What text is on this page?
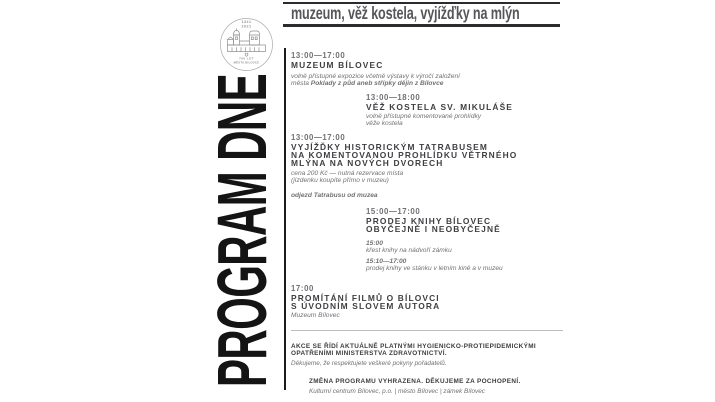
muzeum, věž kostela, vyjížďky na mlýn
1321
2021
700 LET
MĚSTA BÍLOVCE
PROGRAM DNE
13:00—17:00
MUZEUM BÍLOVEC
volně přístupné expozice včetně výstavy k výročí založení
města Poklady z půd aneb střípky dějin z Bílovce
13:00—18:00
VĚŽ KOSTELA SV. MIKULÁŠE
volně přístupné komentované prohlídky
věže kostela
13:00—17:00
VYJÍŽĎKY HISTORICKÝM TATRABUSEM
NA KOMENTOVANOU PROHLÍDKU VĚTRNÉHO
MLÝNA NA NOVÝCH DVORECH
cena 200 Kč — nutná rezervace místa
(jízdenku koupíte přímo v muzeu)
odjezd Tatrabusu od muzea
15:00—17:00
PRODEJ KNIHY BÍLOVEC
OBYČEJNĚ I NEOBYČEJNĚ
15:00
křest knihy na nádvoří zámku
15:10—17:00
prodej knihy ve stánku v letním kině a v muzeu
17:00
PROMÍTÁNÍ FILMŮ O BÍLOVCI
S ÚVODNÍM SLOVEM AUTORA
Muzeum Bílovec
AKCE SE ŘÍDÍ AKTUÁLNĚ PLATNÝMI HYGIENICKO-PROTIEPIDEMICKÝMI
OPATŘENÍMI MINISTERSTVA ZDRAVOTNICTVÍ.
Děkujeme, že respektujete veškeré pokyny pořadatelů.
ZMĚNA PROGRAMU VYHRAZENA. DĚKUJEME ZA POCHOPENÍ.
Kulturní centrum Bílovec, p.o. | město Bílovec | zámek Bílovec
